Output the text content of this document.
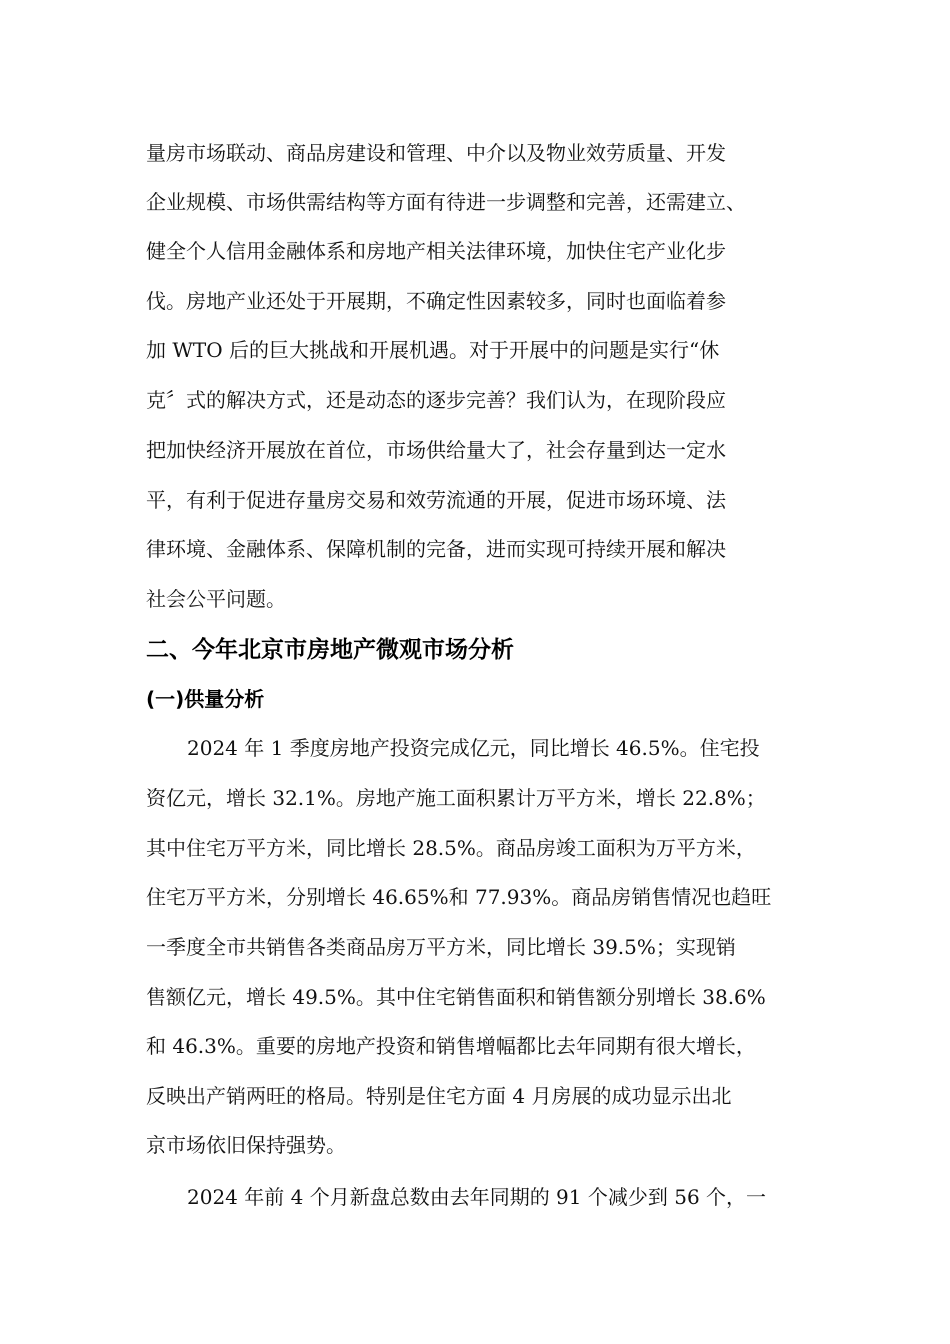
量房市场联动、商品房建设和管理、中介以及物业效劳质量、开发
企业规模、市场供需结构等方面有待进一步调整和完善，还需建立、
健全个人信用金融体系和房地产相关法律环境，加快住宅产业化步
伐。房地产业还处于开展期，不确定性因素较多，同时也面临着参
加 WTO 后的巨大挑战和开展机遇。对于开展中的问题是实行“休
克〞式的解决方式，还是动态的逐步完善？我们认为，在现阶段应
把加快经济开展放在首位，市场供给量大了，社会存量到达一定水
平，有利于促进存量房交易和效劳流通的开展，促进市场环境、法
律环境、金融体系、保障机制的完备，进而实现可持续开展和解决
社会公平问题。
二、今年北京市房地产微观市场分析
(一)供量分析
2024 年 1 季度房地产投资完成亿元，同比增长 46.5%。住宅投
资亿元，增长 32.1%。房地产施工面积累计万平方米，增长 22.8%；
其中住宅万平方米，同比增长 28.5%。商品房竣工面积为万平方米，
住宅万平方米，分别增长 46.65%和 77.93%。商品房销售情况也趋旺
一季度全市共销售各类商品房万平方米，同比增长 39.5%；实现销
售额亿元，增长 49.5%。其中住宅销售面积和销售额分别增长 38.6%
和 46.3%。重要的房地产投资和销售增幅都比去年同期有很大增长，
反映出产销两旺的格局。特别是住宅方面 4 月房展的成功显示出北
京市场依旧保持强势。
2024 年前 4 个月新盘总数由去年同期的 91 个减少到 56 个，一
